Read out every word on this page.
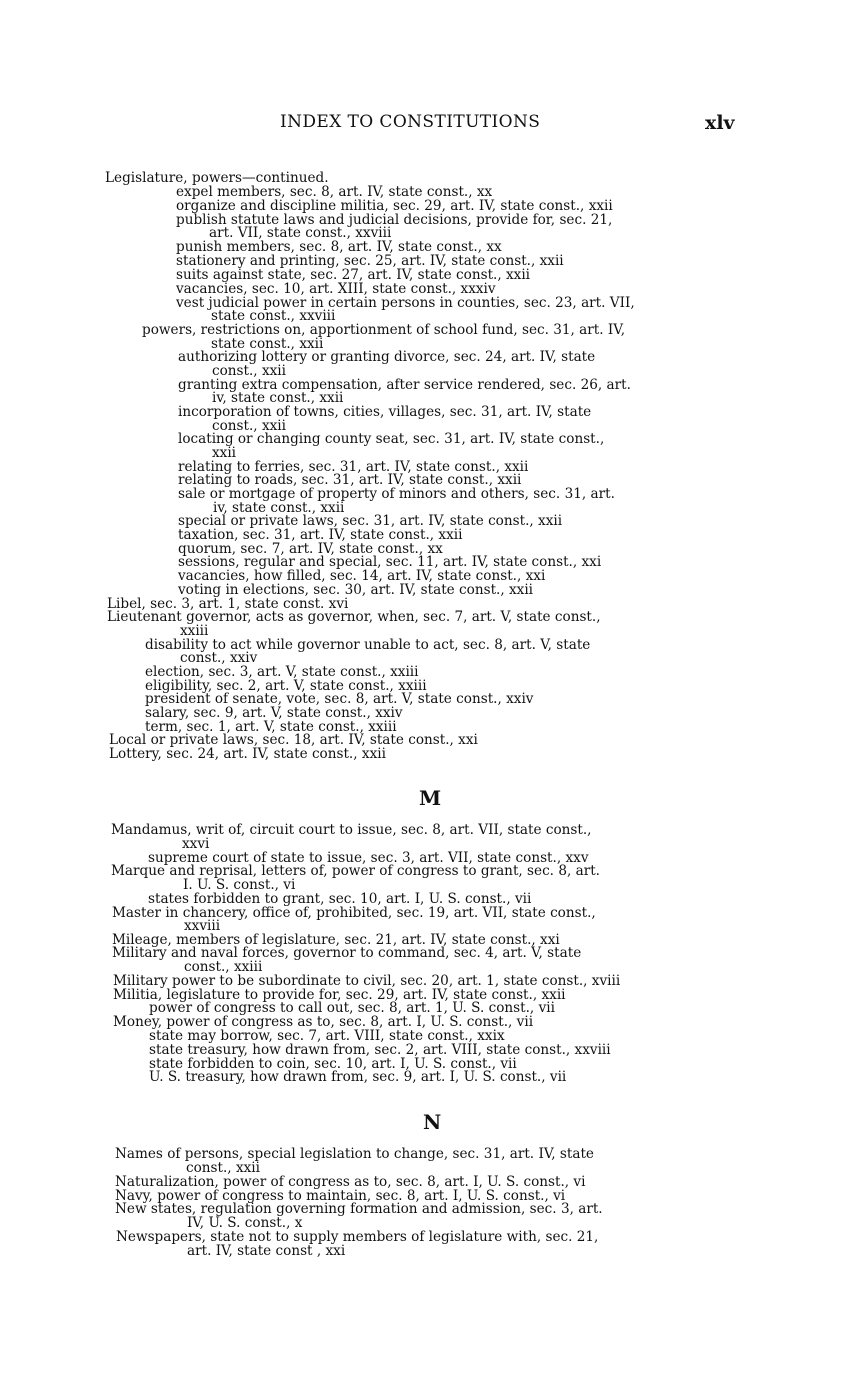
INDEX TO CONSTITUTIONS	xlv
Legislature, powers—continued.
expel members, sec. 8, art. IV, state const., xx
organize and discipline militia, sec. 29, art. IV, state const., xxii
publish statute laws and judicial decisions, provide for, sec. 21,
art. VII, state const., xxviii
punish members, sec. 8, art. IV, state const., xx
stationery and printing, sec. 25, art. IV, state const., xxii
suits against state, sec. 27, art. IV, state const., xxii
vacancies, sec. 10, art. XIII, state const., xxxiv
vest judicial power in certain persons in counties, sec. 23, art. VII,
state const., xxviii
powers, restrictions on, apportionment of school fund, sec. 31, art. IV,
state const., xxii
authorizing lottery or granting divorce, sec. 24, art. IV, state
const., xxii
granting extra compensation, after service rendered, sec. 26, art.
iv, state const., xxii
incorporation of towns, cities, villages, sec. 31, art. IV, state
const., xxii
locating or changing county seat, sec. 31, art. IV, state const.,
xxii
relating to ferries, sec. 31, art. IV, state const., xxii
relating to roads, sec. 31, art. IV, state const., xxii
sale or mortgage of property of minors and others, sec. 31, art.
iv, state const., xxii
special or private laws, sec. 31, art. IV, state const., xxii
taxation, sec. 31, art. IV, state const., xxii
quorum, sec. 7, art. IV, state const., xx
sessions, regular and special, sec. 11, art. IV, state const., xxi
vacancies, how filled, sec. 14, art. IV, state const., xxi
voting in elections, sec. 30, art. IV, state const., xxii
Libel, sec. 3, art. 1, state const. xvi
Lieutenant governor, acts as governor, when, sec. 7, art. V, state const.,
xxiii
disability to act while governor unable to act, sec. 8, art. V, state
const., xxiv
election, sec. 3, art. V, state const., xxiii
eligibility, sec. 2, art. V, state const., xxiii
president of senate, vote, sec. 8, art. V, state const., xxiv
salary, sec. 9, art. V, state const., xxiv
term, sec. 1, art. V, state const., xxiii
Local or private laws, sec. 18, art. IV, state const., xxi
Lottery, sec. 24, art. IV, state const., xxii
M
Mandamus, writ of, circuit court to issue, sec. 8, art. VII, state const.,
xxvi
supreme court of state to issue, sec. 3, art. VII, state const., xxv
Marque and reprisal, letters of, power of congress to grant, sec. 8, art.
I. U. S. const., vi
states forbidden to grant, sec. 10, art. I, U. S. const., vii
Master in chancery, office of, prohibited, sec. 19, art. VII, state const.,
xxviii
Mileage, members of legislature, sec. 21, art. IV, state const., xxi
Military and naval forces, governor to command, sec. 4, art. V, state
const., xxiii
Military power to be subordinate to civil, sec. 20, art. 1, state const., xviii
Militia, legislature to provide for, sec. 29, art. IV, state const., xxii
power of congress to call out, sec. 8, art. 1, U. S. const., vii
Money, power of congress as to, sec. 8, art. I, U. S. const., vii
state may borrow, sec. 7, art. VIII, state const., xxix
state treasury, how drawn from, sec. 2, art. VIII, state const., xxviii
state forbidden to coin, sec. 10, art. I, U. S. const., vii
U. S. treasury, how drawn from, sec. 9, art. I, U. S. const., vii
N
Names of persons, special legislation to change, sec. 31, art. IV, state
const., xxii
Naturalization, power of congress as to, sec. 8, art. I, U. S. const., vi
Navy, power of congress to maintain, sec. 8, art. I, U. S. const., vi
New states, regulation governing formation and admission, sec. 3, art.
IV, U. S. const., x
Newspapers, state not to supply members of legislature with, sec. 21,
art. IV, state const , xxi
